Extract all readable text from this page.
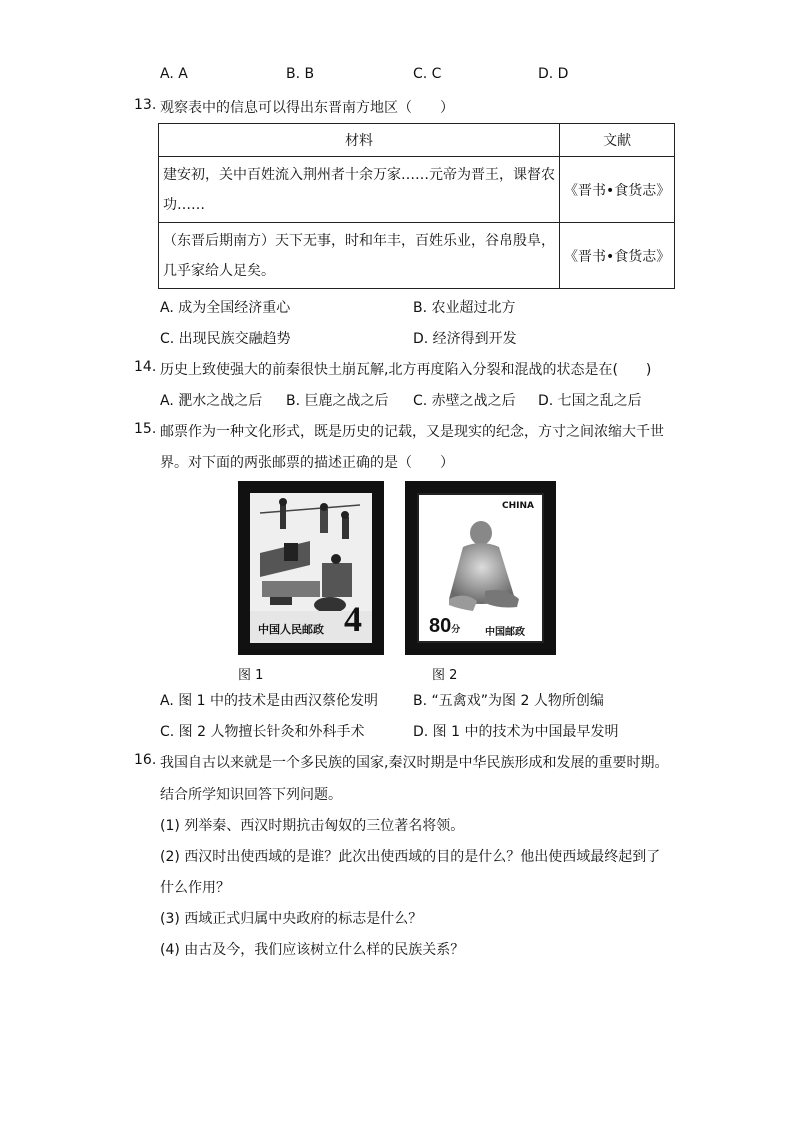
A. A	B. B	C. C	D. D
13. 观察表中的信息可以得出东晋南方地区（　　）
材料	文献

建安初，关中百姓流入荆州者十余万家……元帝为晋王，课督农
功……	《晋书•食货志》

（东晋后期南方）天下无事，时和年丰，百姓乐业，谷帛殷阜，
几乎家给人足矣。	《晋书•食货志》
A. 成为全国经济重心	B. 农业超过北方
C. 出现民族交融趋势	D. 经济得到开发
14. 历史上致使强大的前秦很快土崩瓦解,北方再度陷入分裂和混战的状态是在(　　)
A. 淝水之战之后 B. 巨鹿之战之后 C. 赤壁之战之后 D. 七国之乱之后
15. 邮票作为一种文化形式，既是历史的记载，又是现实的纪念，方寸之间浓缩大千世
界。对下面的两张邮票的描述正确的是（　　）
中国人民邮政 4
CHINA
80分 中国邮政
图 1	图 2
A. 图 1 中的技术是由西汉蔡伦发明 B. “五禽戏”为图 2 人物所创编
C. 图 2 人物擅长针灸和外科手术	D. 图 1 中的技术为中国最早发明
16. 我国自古以来就是一个多民族的国家,秦汉时期是中华民族形成和发展的重要时期。
结合所学知识回答下列问题。
(1) 列举秦、西汉时期抗击匈奴的三位著名将领。
(2) 西汉时出使西域的是谁？此次出使西域的目的是什么？他出使西域最终起到了
什么作用？
(3) 西域正式归属中央政府的标志是什么？
(4) 由古及今，我们应该树立什么样的民族关系？
